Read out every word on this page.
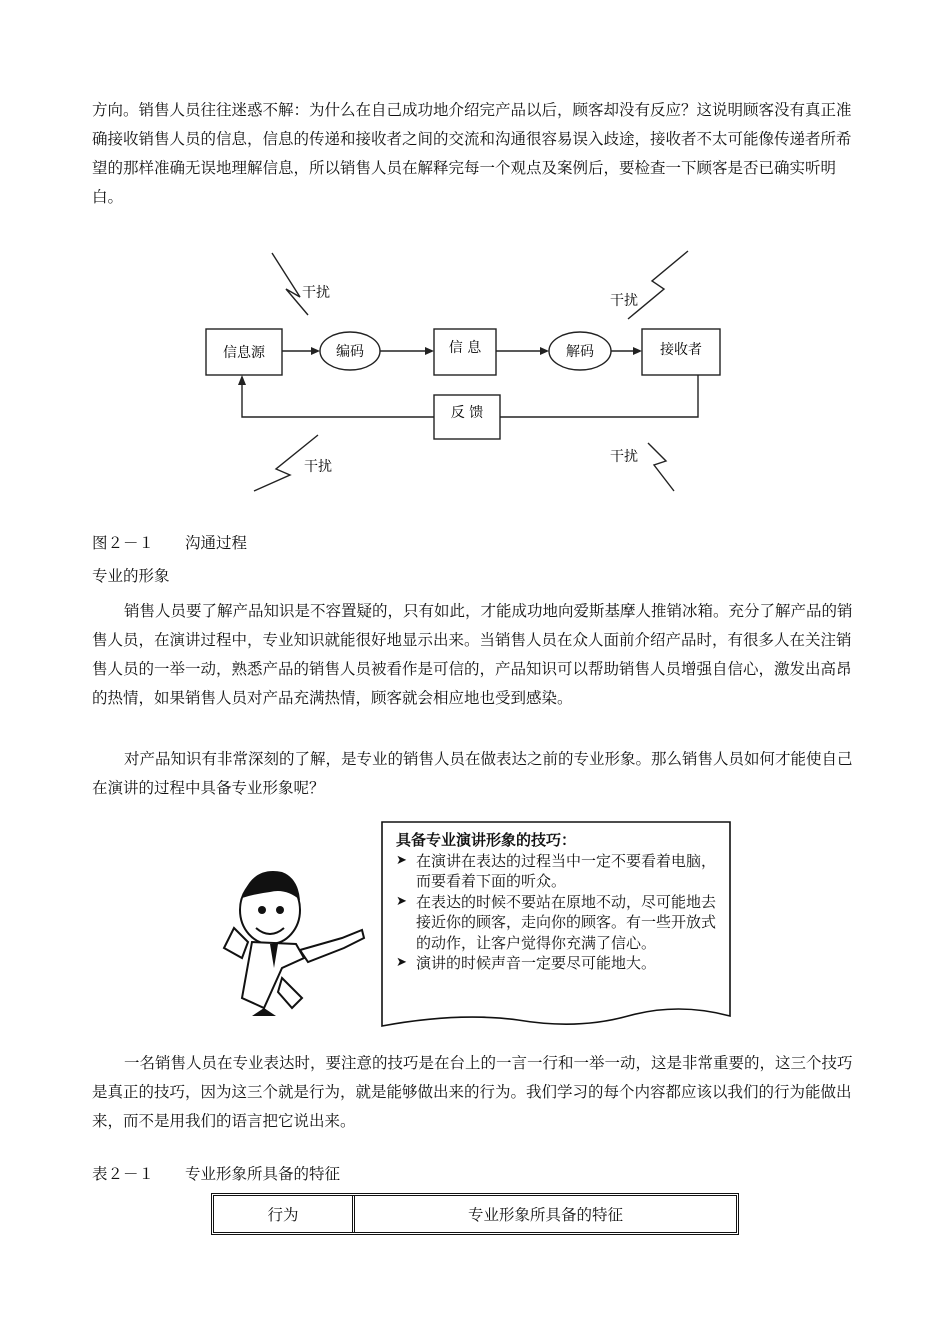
方向。销售人员往往迷惑不解：为什么在自己成功地介绍完产品以后，顾客却没有反应？这说明顾客没有真正准确接收销售人员的信息，信息的传递和接收者之间的交流和沟通很容易误入歧途，接收者不太可能像传递者所希望的那样准确无误地理解信息，所以销售人员在解释完每一个观点及案例后，要检查一下顾客是否已确实听明白。

干扰	干扰
干扰
干扰
信息源	编码	信 息	解码	接收者
反 馈

图２－１　　沟通过程

专业的形象

销售人员要了解产品知识是不容置疑的，只有如此，才能成功地向爱斯基摩人推销冰箱。充分了解产品的销售人员，在演讲过程中，专业知识就能很好地显示出来。当销售人员在众人面前介绍产品时，有很多人在关注销售人员的一举一动，熟悉产品的销售人员被看作是可信的，产品知识可以帮助销售人员增强自信心，激发出高昂的热情，如果销售人员对产品充满热情，顾客就会相应地也受到感染。

对产品知识有非常深刻的了解，是专业的销售人员在做表达之前的专业形象。那么销售人员如何才能使自己在演讲的过程中具备专业形象呢？

具备专业演讲形象的技巧：
➤ 在演讲在表达的过程当中一定不要看着电脑，而要看着下面的听众。
➤ 在表达的时候不要站在原地不动，尽可能地去接近你的顾客，走向你的顾客。有一些开放式的动作，让客户觉得你充满了信心。
➤ 演讲的时候声音一定要尽可能地大。

一名销售人员在专业表达时，要注意的技巧是在台上的一言一行和一举一动，这是非常重要的，这三个技巧是真正的技巧，因为这三个就是行为，就是能够做出来的行为。我们学习的每个内容都应该以我们的行为能做出来，而不是用我们的语言把它说出来。

表２－１　　专业形象所具备的特征

行为	专业形象所具备的特征
